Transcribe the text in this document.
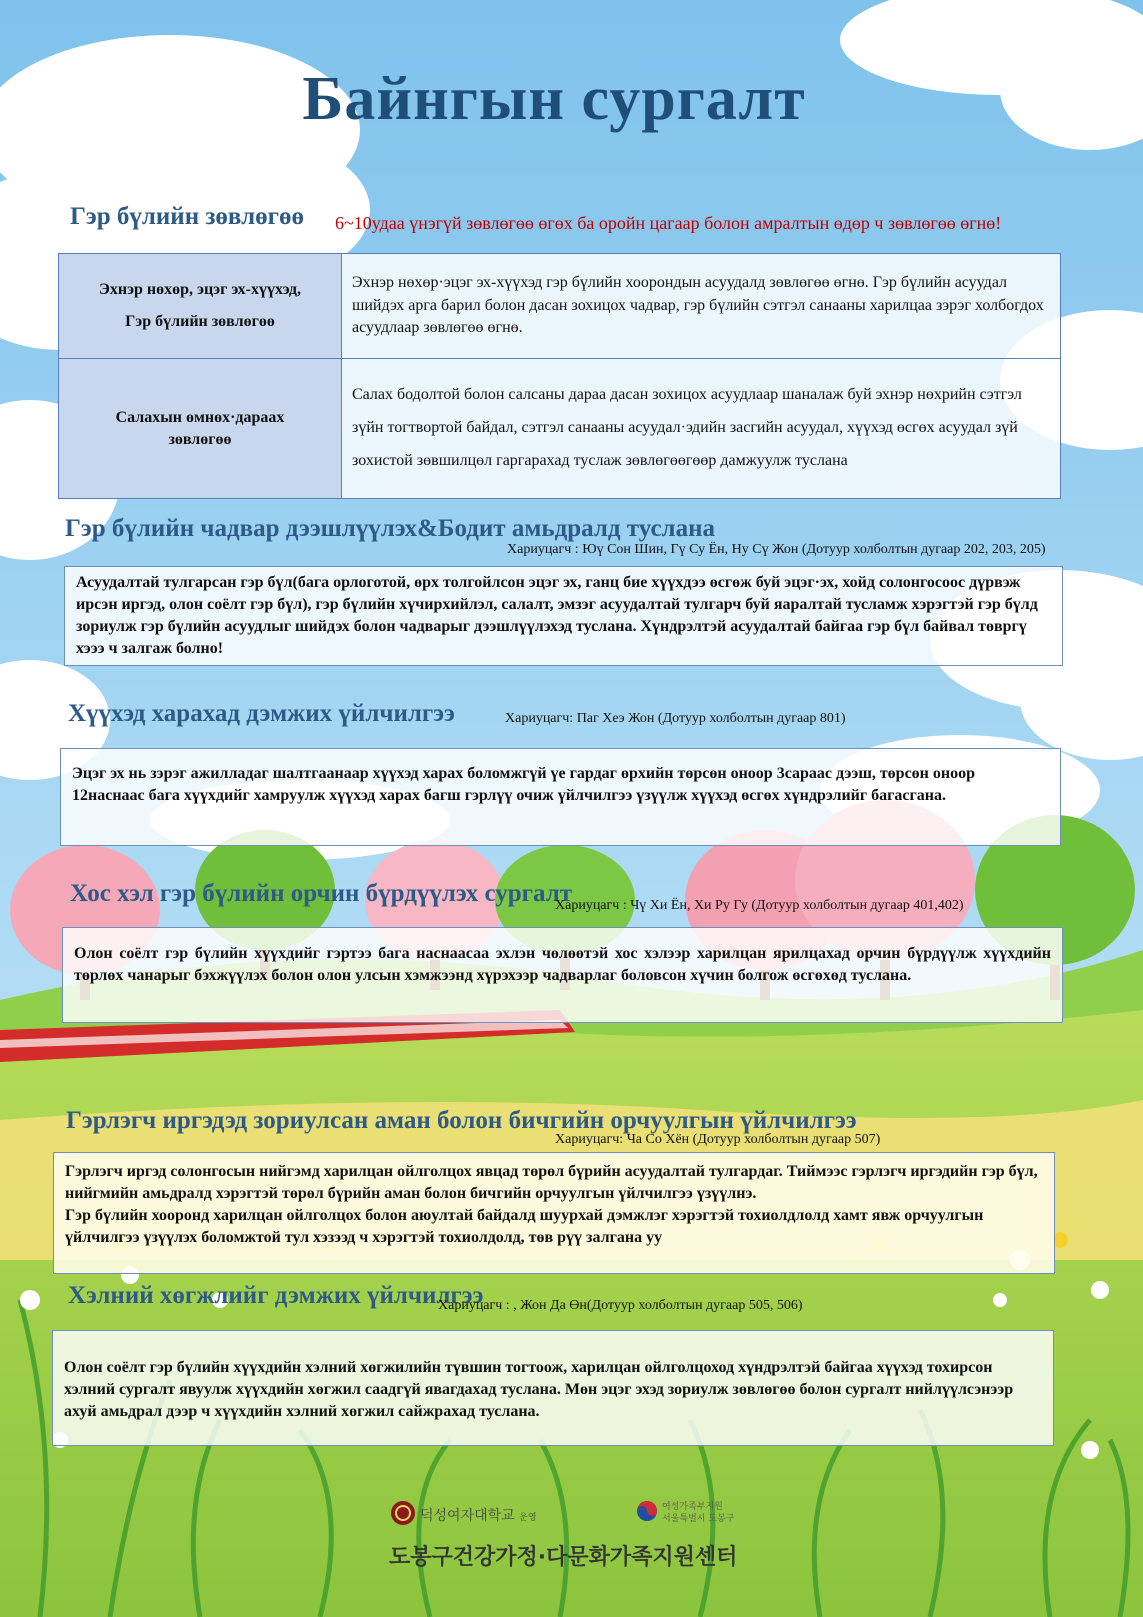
Байнгын сургалт
Гэр бүлийн зөвлөгөө 6~10удаа үнэгүй зөвлөгөө өгөх ба оройн цагаар болон амралтын өдөр ч зөвлөгөө өгнө!
Эхнэр нөхөр, эцэг эх-хүүхэд,
Гэр бүлийн зөвлөгөө	Эхнэр нөхөр·эцэг эх-хүүхэд гэр бүлийн хоорондын асуудалд зөвлөгөө өгнө. Гэр бүлийн асуудал шийдэх арга барил болон дасан зохицох чадвар, гэр бүлийн сэтгэл санааны харилцаа зэрэг холбогдох асуудлаар зөвлөгөө өгнө.

Салахын өмнөх·дараах
зөвлөгөө	Салах бодолтой болон салсаны дараа дасан зохицох асуудлаар шаналаж буй эхнэр нөхрийн сэтгэл зүйн тогтвортой байдал, сэтгэл санааны асуудал·эдийн засгийн асуудал, хүүхэд өсгөх асуудал зүй зохистой зөвшилцөл гаргарахад туслаж зөвлөгөөгөөр дамжуулж туслана
Гэр бүлийн чадвар дээшлүүлэх&Бодит амьдралд туслана
Хариуцагч : Юү Сон Шин, Гү Су Ён, Ну Сү Жон (Дотуур холболтын дугаар 202, 203, 205)
Асуудалтай тулгарсан гэр бүл(бага орлоготой, өрх толгойлсон эцэг эх, ганц бие хүүхдээ өсгөж буй эцэг·эх, хойд солонгосоос дүрвэж ирсэн иргэд, олон соёлт гэр бүл), гэр бүлийн хүчирхийлэл, салалт, эмзэг асуудалтай тулгарч буй яаралтай тусламж хэрэгтэй гэр бүлд зориулж гэр бүлийн асуудлыг шийдэх болон чадварыг дээшлүүлэхэд туслана. Хүндрэлтэй асуудалтай байгаа гэр бүл байвал төвргү хэээ ч залгаж болно!
Хүүхэд харахад дэмжих үйлчилгээ	Хариуцагч: Паг Хеэ Жон (Дотуур холболтын дугаар 801)
Эцэг эх нь зэрэг ажилладаг шалтгаанаар хүүхэд харах боломжгүй үе гардаг өрхийн төрсөн оноор 3сараас дээш, төрсөн оноор 12наснаас бага хүүхдийг хамруулж хүүхэд харах багш гэрлүү очиж үйлчилгээ үзүүлж хүүхэд өсгөх хүндрэлийг багасгана.
Хос хэл гэр бүлийн орчин бүрдүүлэх сургалт
Хариуцагч : Чү Хи Ён, Хи Ру Гу (Дотуур холболтын дугаар 401,402)
Олон соёлт гэр бүлийн хүүхдийг гэртээ бага наснаасаа эхлэн чөлөөтэй хос хэлээр харилцан ярилцахад орчин бүрдүүлж хүүхдийн төрлөх чанарыг бэхжүүлэх болон олон улсын хэмжээнд хүрэхээр чадварлаг боловсон хүчин болгож өсгөхөд туслана.
Гэрлэгч иргэдэд зориулсан аман болон бичгийн орчуулгын үйлчилгээ
Хариуцагч: Ча Со Хён (Дотуур холболтын дугаар 507)
Гэрлэгч иргэд солонгосын нийгэмд харилцан ойлголцох явцад төрөл бүрийн асуудалтай тулгардаг. Тиймээс гэрлэгч иргэдийн гэр бүл, нийгмийн амьдралд хэрэгтэй төрөл бүрийн аман болон бичгийн орчуулгын үйлчилгээ үзүүлнэ.
Гэр бүлийн хооронд харилцан ойлголцох болон аюултай байдалд шуурхай дэмжлэг хэрэгтэй тохиолдлолд хамт явж орчуулгын үйлчилгээ үзүүлэх боломжтой тул хэзээд ч хэрэгтэй тохиолдолд, төв рүү залгана уу
Хэлний хөгжлийг дэмжих үйлчилгээ
Хариуцагч : , Жон Да Өн(Дотуур холболтын дугаар 505, 506)
Олон соёлт гэр бүлийн хүүхдийн хэлний хөгжилийн түвшин тогтоож, харилцан ойлголцоход хүндрэлтэй байгаа хүүхэд тохирсон хэлний сургалт явуулж хүүхдийн хөгжил саадгүй явагдахад туслана. Мөн эцэг эхэд зориулж зөвлөгөө болон сургалт нийлүүлсэнээр ахуй амьдрал дээр ч хүүхдийн хэлний хөгжил сайжрахад туслана.
덕성여자대학교 운영
여성가족부지원
서울특별시 도봉구
도봉구건강가정·다문화가족지원센터
